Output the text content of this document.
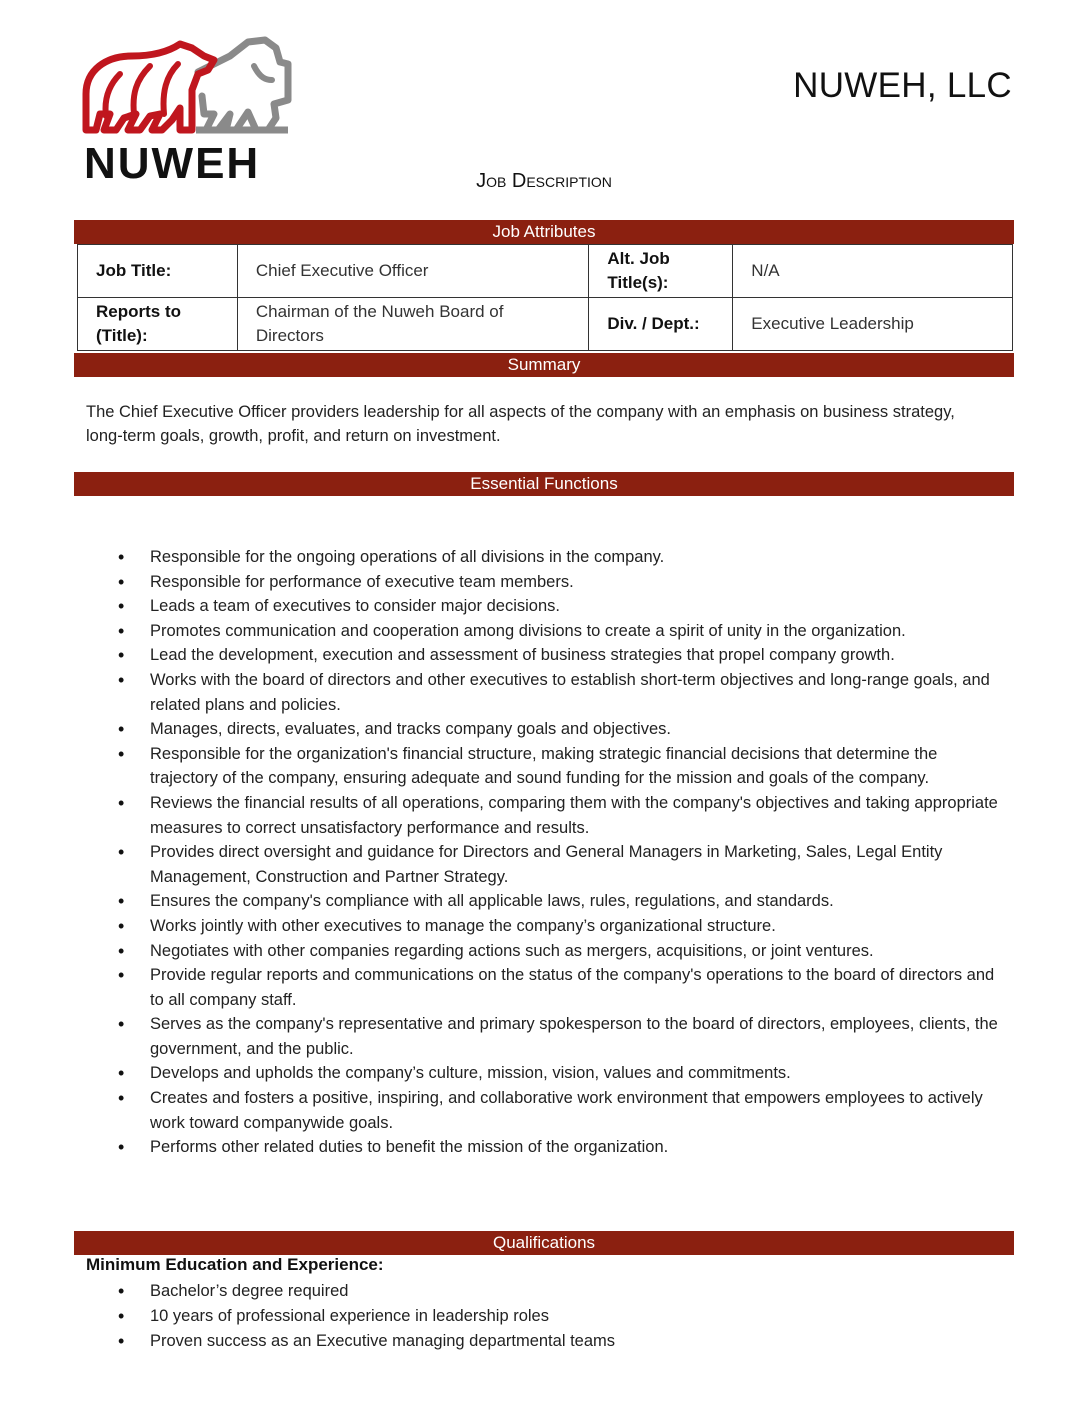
NUWEH
NUWEH, LLC
Job Description
Job Attributes
Job Title:	Chief Executive Officer	Alt. Job Title(s):	N/A
Reports to (Title):	Chairman of the Nuweh Board of Directors	Div. / Dept.:	Executive Leadership
Summary
The Chief Executive Officer providers leadership for all aspects of the company with an emphasis on business strategy, long-term goals, growth, profit, and return on investment.
Essential Functions
• Responsible for the ongoing operations of all divisions in the company.
• Responsible for performance of executive team members.
• Leads a team of executives to consider major decisions.
• Promotes communication and cooperation among divisions to create a spirit of unity in the organization.
• Lead the development, execution and assessment of business strategies that propel company growth.
• Works with the board of directors and other executives to establish short-term objectives and long-range goals, and related plans and policies.
• Manages, directs, evaluates, and tracks company goals and objectives.
• Responsible for the organization's financial structure, making strategic financial decisions that determine the trajectory of the company, ensuring adequate and sound funding for the mission and goals of the company.
• Reviews the financial results of all operations, comparing them with the company's objectives and taking appropriate measures to correct unsatisfactory performance and results.
• Provides direct oversight and guidance for Directors and General Managers in Marketing, Sales, Legal Entity Management, Construction and Partner Strategy.
• Ensures the company's compliance with all applicable laws, rules, regulations, and standards.
• Works jointly with other executives to manage the company’s organizational structure.
• Negotiates with other companies regarding actions such as mergers, acquisitions, or joint ventures.
• Provide regular reports and communications on the status of the company's operations to the board of directors and to all company staff.
• Serves as the company's representative and primary spokesperson to the board of directors, employees, clients, the government, and the public.
• Develops and upholds the company’s culture, mission, vision, values and commitments.
• Creates and fosters a positive, inspiring, and collaborative work environment that empowers employees to actively work toward companywide goals.
• Performs other related duties to benefit the mission of the organization.
Qualifications
Minimum Education and Experience:
• Bachelor’s degree required
• 10 years of professional experience in leadership roles
• Proven success as an Executive managing departmental teams
